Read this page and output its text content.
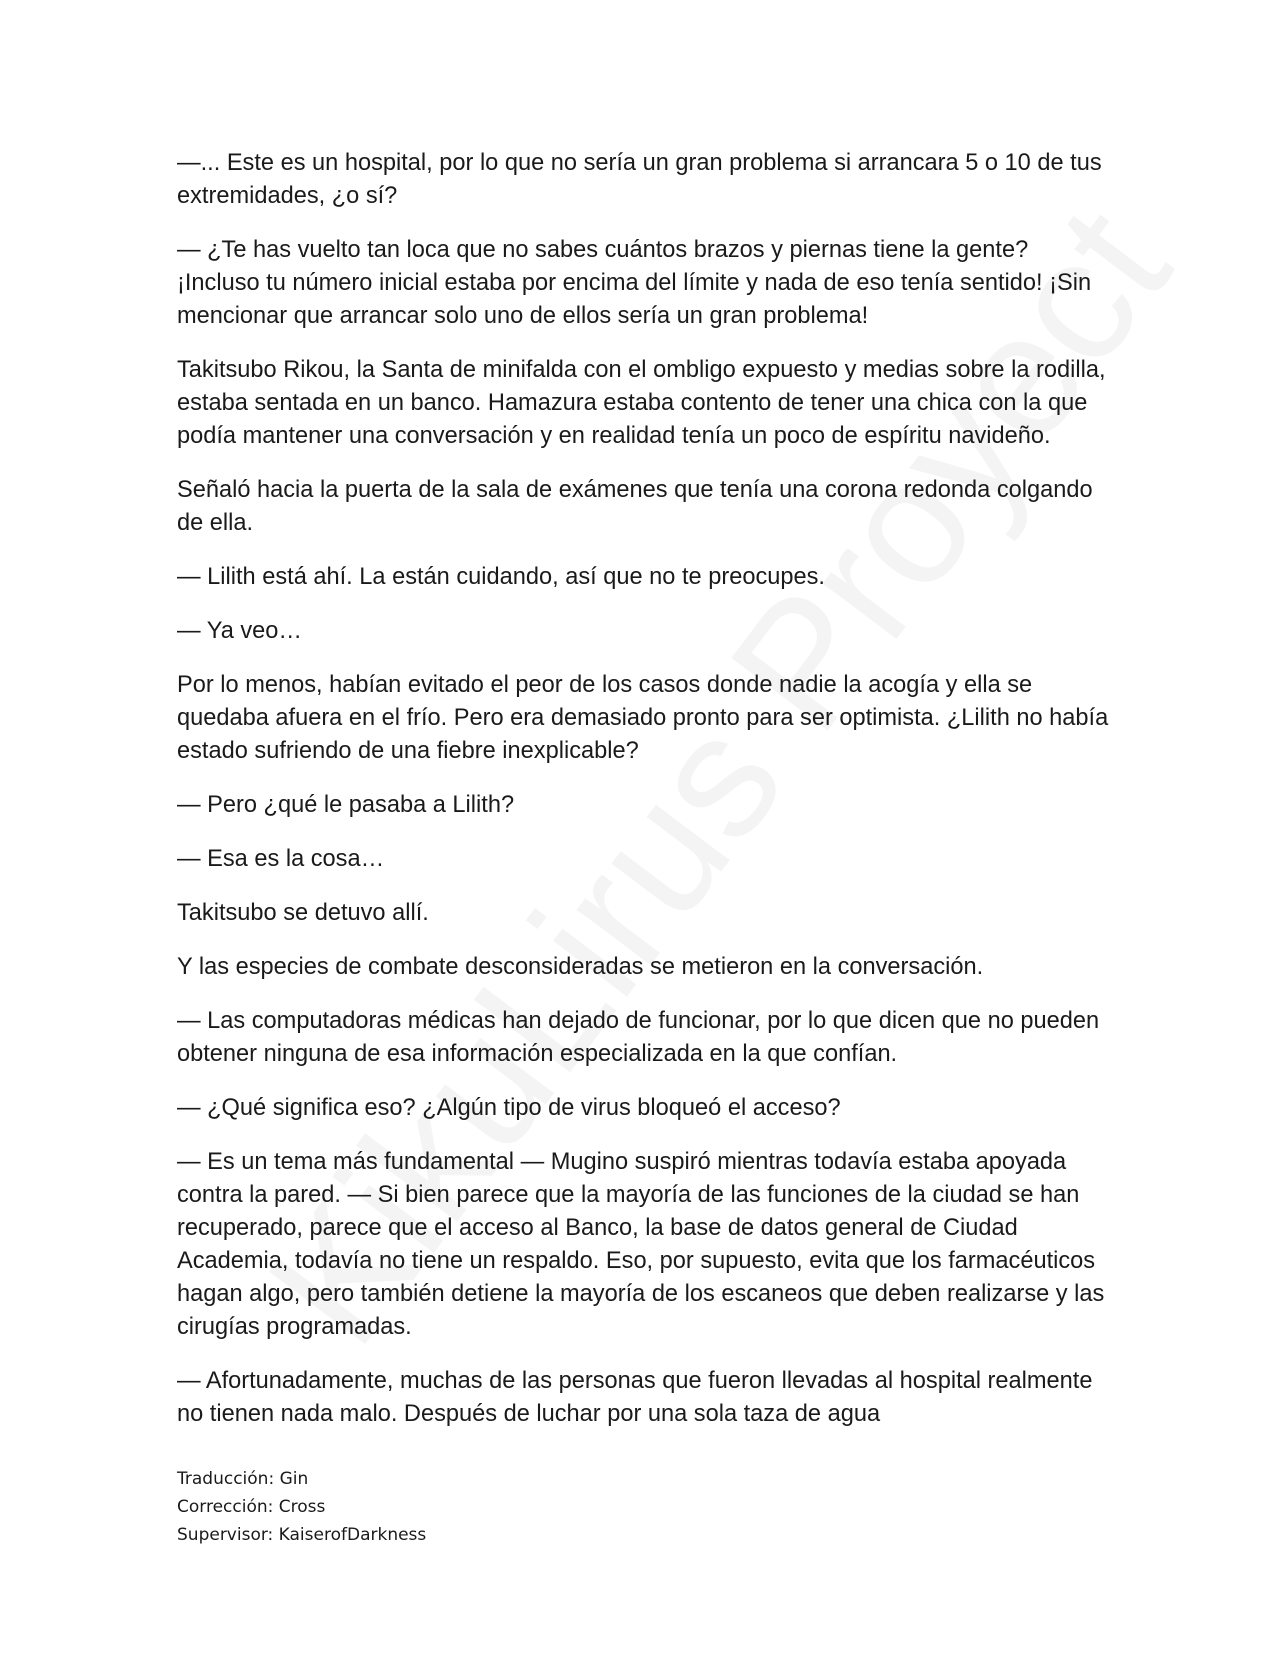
—... Este es un hospital, por lo que no sería un gran problema si arrancara 5 o 10 de tus extremidades, ¿o sí?

— ¿Te has vuelto tan loca que no sabes cuántos brazos y piernas tiene la gente? ¡Incluso tu número inicial estaba por encima del límite y nada de eso tenía sentido! ¡Sin mencionar que arrancar solo uno de ellos sería un gran problema!

Takitsubo Rikou, la Santa de minifalda con el ombligo expuesto y medias sobre la rodilla, estaba sentada en un banco. Hamazura estaba contento de tener una chica con la que podía mantener una conversación y en realidad tenía un poco de espíritu navideño.

Señaló hacia la puerta de la sala de exámenes que tenía una corona redonda colgando de ella.

— Lilith está ahí. La están cuidando, así que no te preocupes.

— Ya veo…

Por lo menos, habían evitado el peor de los casos donde nadie la acogía y ella se quedaba afuera en el frío. Pero era demasiado pronto para ser optimista. ¿Lilith no había estado sufriendo de una fiebre inexplicable?

— Pero ¿qué le pasaba a Lilith?

— Esa es la cosa…

Takitsubo se detuvo allí.

Y las especies de combate desconsideradas se metieron en la conversación.

— Las computadoras médicas han dejado de funcionar, por lo que dicen que no pueden obtener ninguna de esa información especializada en la que confían.

— ¿Qué significa eso? ¿Algún tipo de virus bloqueó el acceso?

— Es un tema más fundamental — Mugino suspiró mientras todavía estaba apoyada contra la pared. — Si bien parece que la mayoría de las funciones de la ciudad se han recuperado, parece que el acceso al Banco, la base de datos general de Ciudad Academia, todavía no tiene un respaldo. Eso, por supuesto, evita que los farmacéuticos hagan algo, pero también detiene la mayoría de los escaneos que deben realizarse y las cirugías programadas.

— Afortunadamente, muchas de las personas que fueron llevadas al hospital realmente no tienen nada malo. Después de luchar por una sola taza de agua

Traducción: Gin
Corrección: Cross
Supervisor: KaiserofDarkness
